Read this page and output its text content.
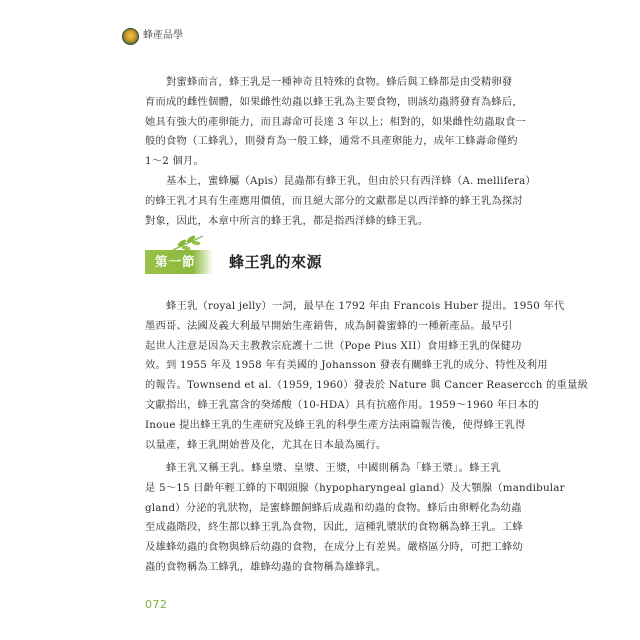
蜂產品學
對蜜蜂而言，蜂王乳是一種神奇且特殊的食物。蜂后與工蜂都是由受精卵發
育而成的雌性個體，如果雌性幼蟲以蜂王乳為主要食物，則該幼蟲將發育為蜂后，
她具有強大的產卵能力，而且壽命可長達 3 年以上；相對的，如果雌性幼蟲取食一
般的食物（工蜂乳），則發育為一般工蜂，通常不具產卵能力，成年工蜂壽命僅約
1～2 個月。
基本上，蜜蜂屬（Apis）昆蟲都有蜂王乳，但由於只有西洋蜂（A. mellifera）
的蜂王乳才具有生產應用價值，而且絕大部分的文獻都是以西洋蜂的蜂王乳為探討
對象，因此，本章中所言的蜂王乳，都是指西洋蜂的蜂王乳。
第一節	蜂王乳的來源
蜂王乳（royal jelly）一詞，最早在 1792 年由 Francois Huber 提出。1950 年代
墨西哥、法國及義大利最早開始生產銷售，成為飼養蜜蜂的一種新產品。最早引
起世人注意是因為天主教教宗庇護十二世（Pope Pius XII）食用蜂王乳的保健功
效。到 1955 年及 1958 年有美國的 Johansson 發表有關蜂王乳的成分、特性及利用
的報告。Townsend et al.（1959, 1960）發表於 Nature 與 Cancer Reasercch 的重量級
文獻指出，蜂王乳富含的癸烯酸（10-HDA）具有抗癌作用。1959～1960 年日本的
Inoue 提出蜂王乳的生產研究及蜂王乳的科學生產方法兩篇報告後，使得蜂王乳得
以量產，蜂王乳開始普及化，尤其在日本最為風行。
蜂王乳又稱王乳、蜂皇漿、皇漿、王漿，中國則稱為「蜂王漿」。蜂王乳
是 5～15 日齡年輕工蜂的下咽頭腺（hypopharyngeal gland）及大顎腺（mandibular
gland）分泌的乳狀物，是蜜蜂餵飼蜂后成蟲和幼蟲的食物。蜂后由卵孵化為幼蟲
至成蟲階段，終生都以蜂王乳為食物，因此，這種乳漿狀的食物稱為蜂王乳。工蜂
及雄蜂幼蟲的食物與蜂后幼蟲的食物，在成分上有差異。嚴格區分時，可把工蜂幼
蟲的食物稱為工蜂乳，雄蜂幼蟲的食物稱為雄蜂乳。
072
